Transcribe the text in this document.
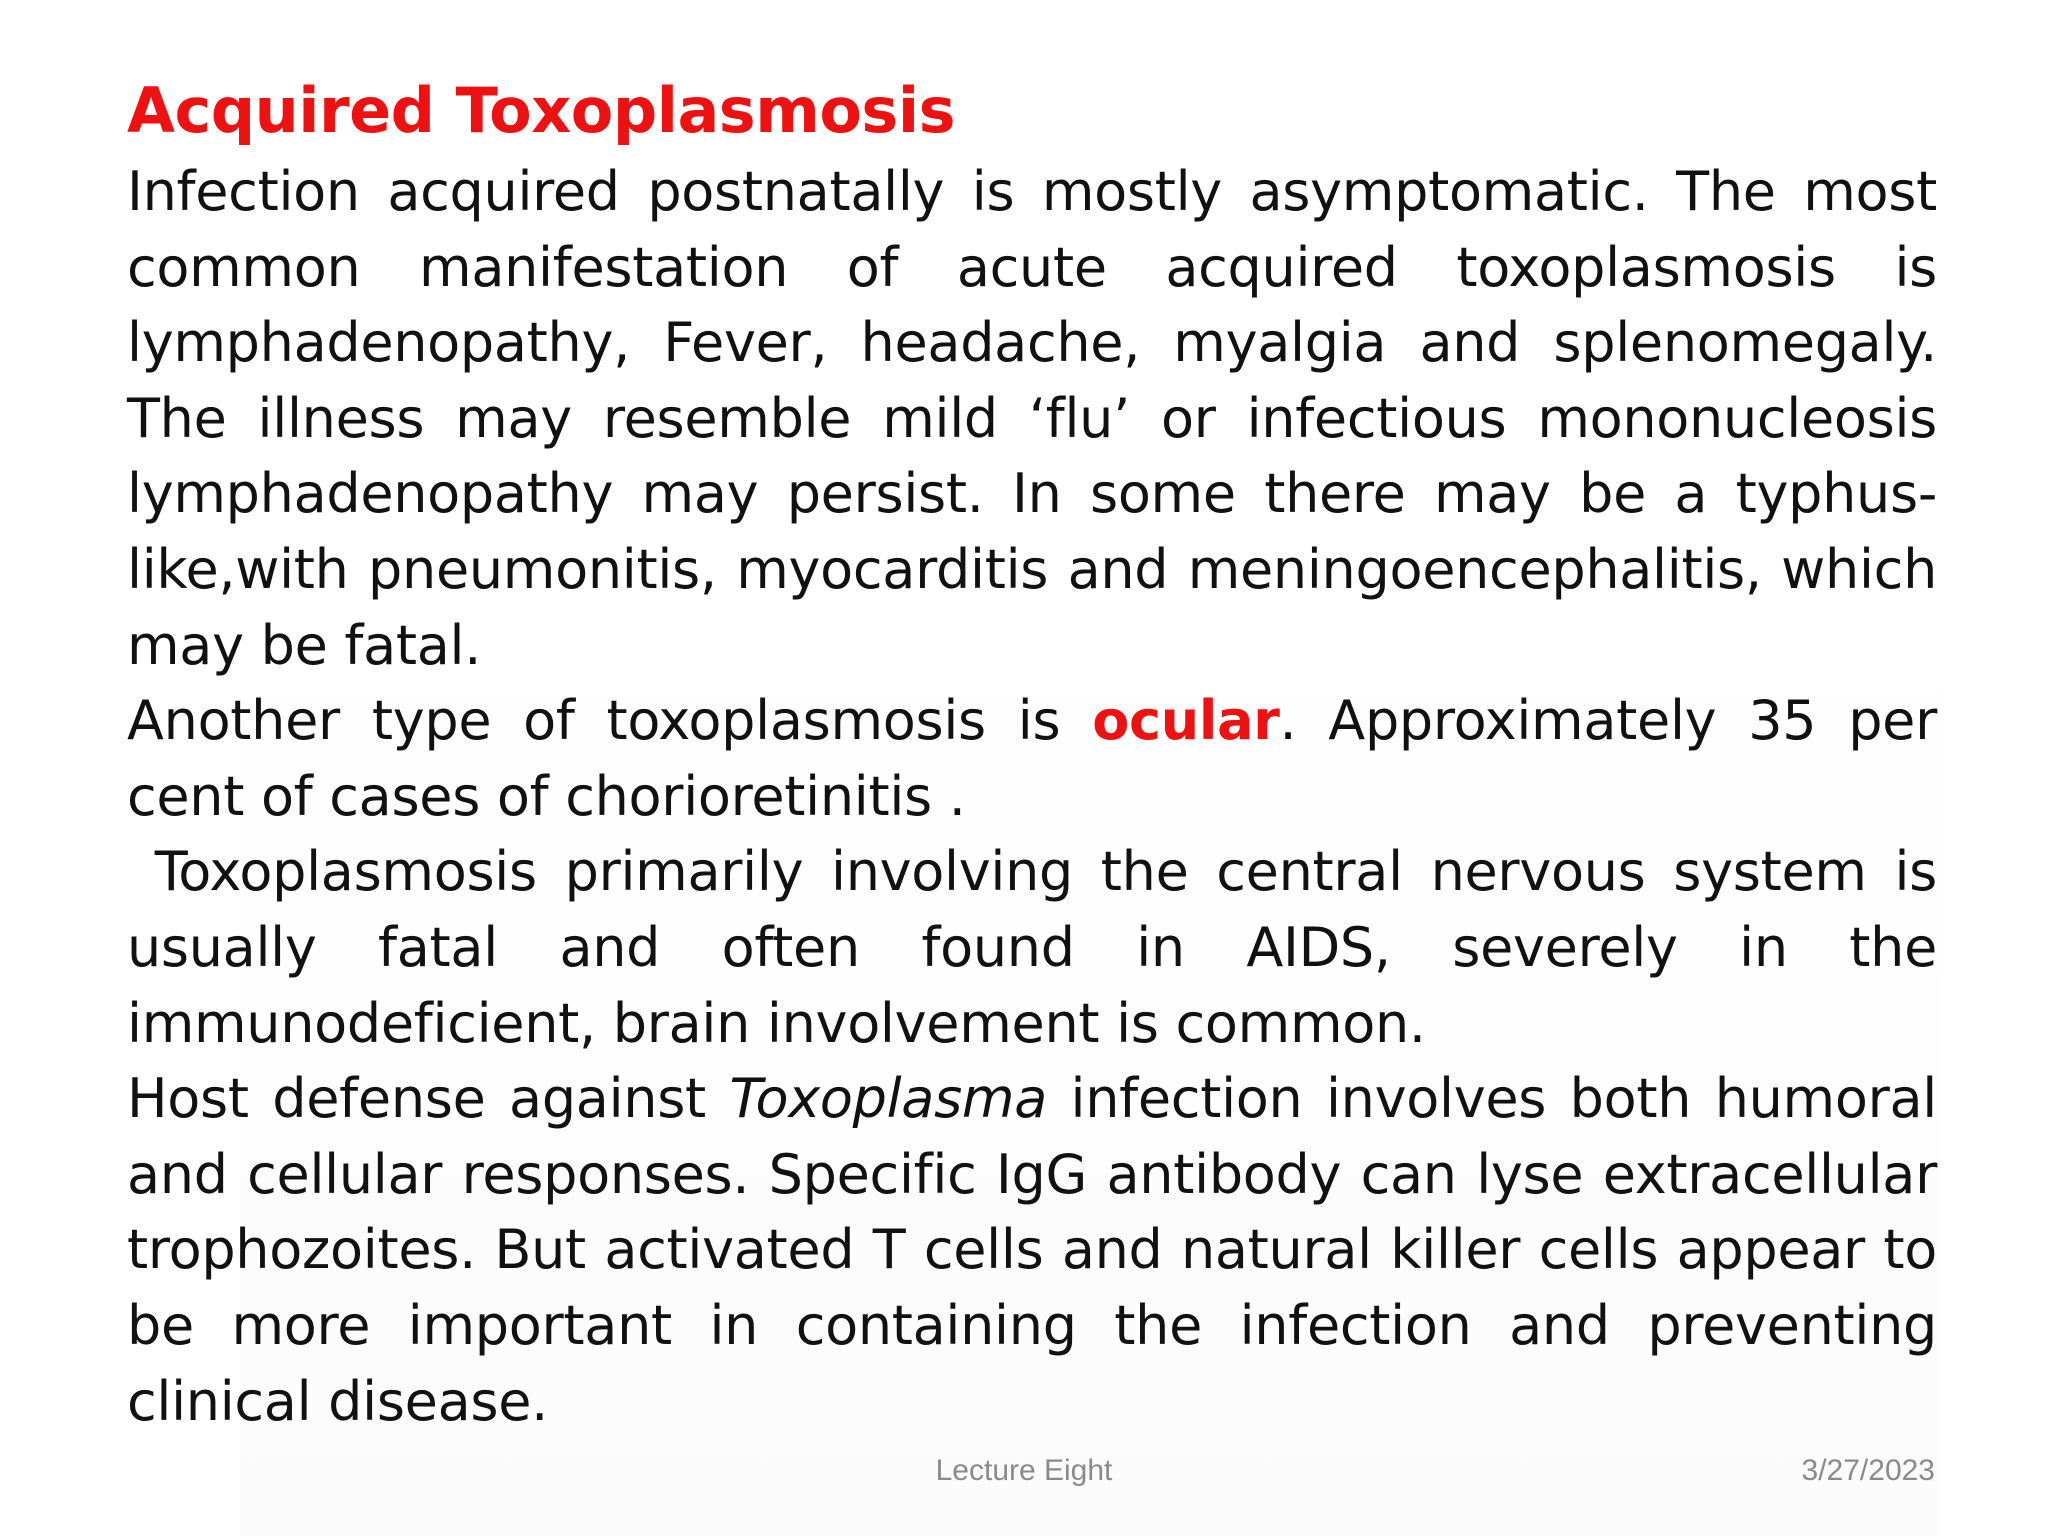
Acquired Toxoplasmosis

Infection acquired postnatally is mostly asymptomatic. The most common manifestation of acute acquired toxoplasmosis is lymphadenopathy, Fever, headache, myalgia and splenomegaly. The illness may resemble mild ‘flu’ or infectious mononucleosis lymphadenopathy may persist. In some there may be a typhus-like,with pneumonitis, myocarditis and meningoencephalitis, which may be fatal.

Another type of toxoplasmosis is ocular. Approximately 35 per cent of cases of chorioretinitis .

Toxoplasmosis primarily involving the central nervous system is usually fatal and often found in AIDS, severely in the immunodeficient, brain involvement is common.

Host defense against Toxoplasma infection involves both humoral and cellular responses. Specific IgG antibody can lyse extracellular trophozoites. But activated T cells and natural killer cells appear to be more important in containing the infection and preventing clinical disease.

Lecture Eight	3/27/2023
